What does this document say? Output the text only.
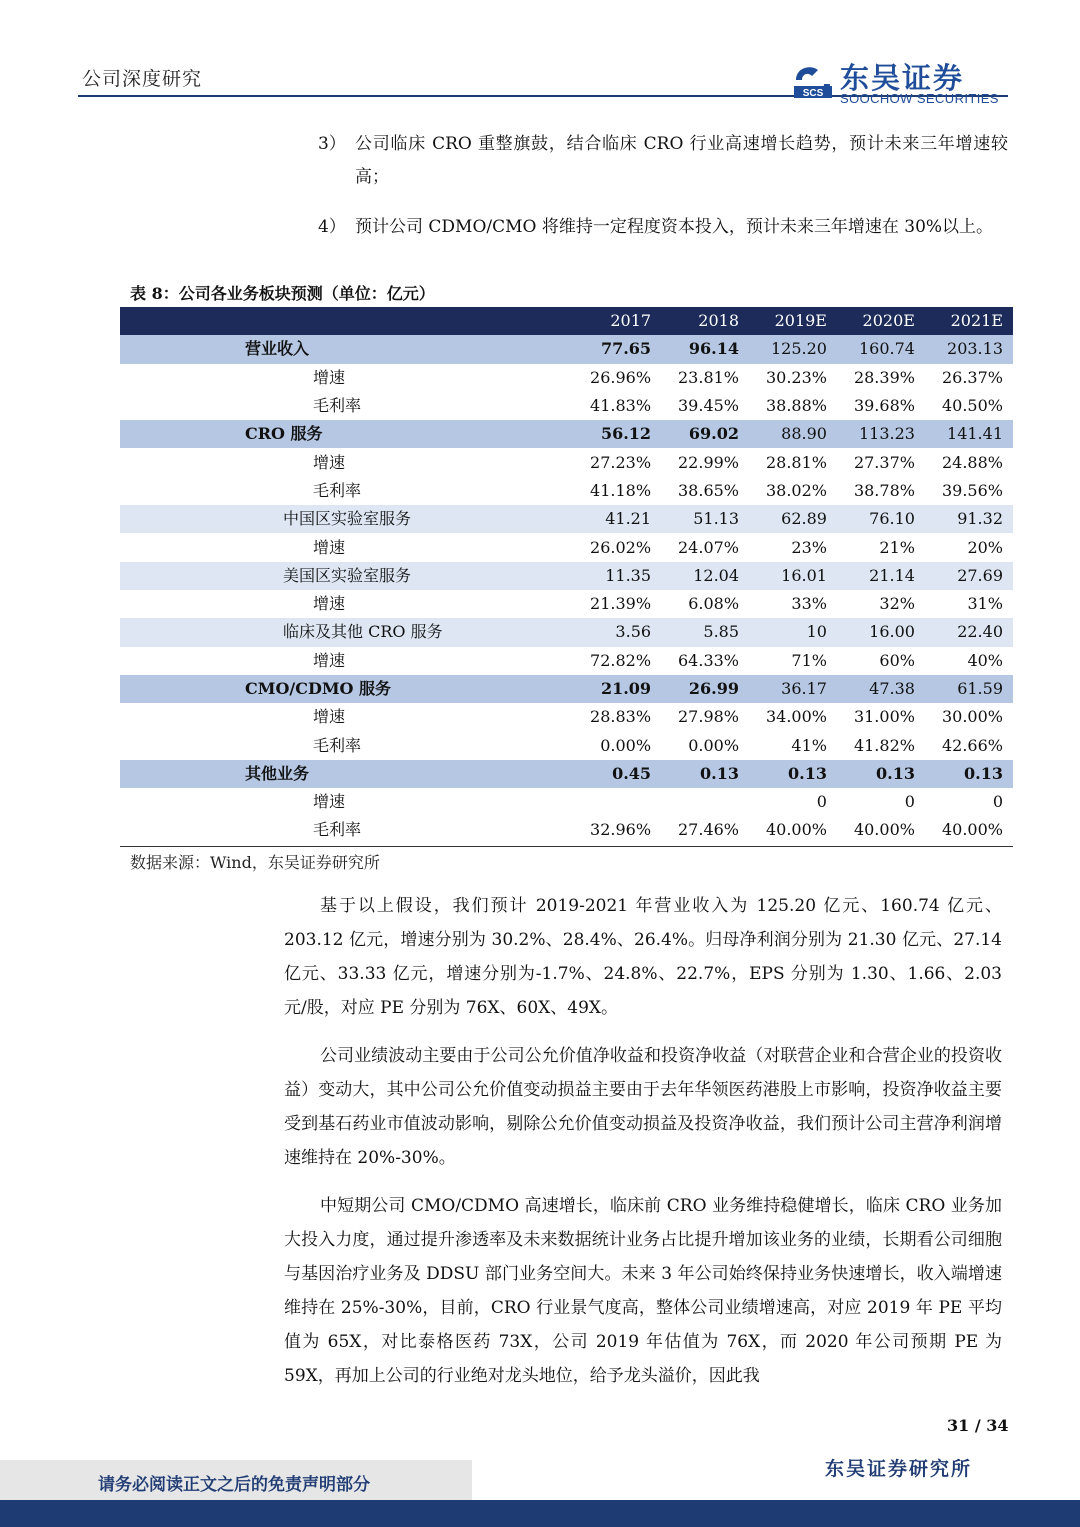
公司深度研究
SCS 东吴证券
SOOCHOW SECURITIES
3） 公司临床 CRO 重整旗鼓，结合临床 CRO 行业高速增长趋势，预计未来三年增速较高；
4） 预计公司 CDMO/CMO 将维持一定程度资本投入，预计未来三年增速在 30%以上。
表 8：公司各业务板块预测（单位：亿元）
	2017	2018	2019E	2020E	2021E
营业收入	77.65	96.14	125.20	160.74	203.13
增速	26.96%	23.81%	30.23%	28.39%	26.37%
毛利率	41.83%	39.45%	38.88%	39.68%	40.50%
CRO 服务	56.12	69.02	88.90	113.23	141.41
增速	27.23%	22.99%	28.81%	27.37%	24.88%
毛利率	41.18%	38.65%	38.02%	38.78%	39.56%
中国区实验室服务	41.21	51.13	62.89	76.10	91.32
增速	26.02%	24.07%	23%	21%	20%
美国区实验室服务	11.35	12.04	16.01	21.14	27.69
增速	21.39%	6.08%	33%	32%	31%
临床及其他 CRO 服务	3.56	5.85	10	16.00	22.40
增速	72.82%	64.33%	71%	60%	40%
CMO/CDMO 服务	21.09	26.99	36.17	47.38	61.59
增速	28.83%	27.98%	34.00%	31.00%	30.00%
毛利率	0.00%	0.00%	41%	41.82%	42.66%
其他业务	0.45	0.13	0.13	0.13	0.13
增速			0	0	0
毛利率	32.96%	27.46%	40.00%	40.00%	40.00%
数据来源：Wind，东吴证券研究所
基于以上假设，我们预计 2019-2021 年营业收入为 125.20 亿元、160.74 亿元、203.12 亿元，增速分别为 30.2%、28.4%、26.4%。归母净利润分别为 21.30 亿元、27.14 亿元、33.33 亿元，增速分别为-1.7%、24.8%、22.7%，EPS 分别为 1.30、1.66、2.03 元/股，对应 PE 分别为 76X、60X、49X。
公司业绩波动主要由于公司公允价值净收益和投资净收益（对联营企业和合营企业的投资收益）变动大，其中公司公允价值变动损益主要由于去年华领医药港股上市影响，投资净收益主要受到基石药业市值波动影响，剔除公允价值变动损益及投资净收益，我们预计公司主营净利润增速维持在 20%-30%。
中短期公司 CMO/CDMO 高速增长，临床前 CRO 业务维持稳健增长，临床 CRO 业务加大投入力度，通过提升渗透率及未来数据统计业务占比提升增加该业务的业绩，长期看公司细胞与基因治疗业务及 DDSU 部门业务空间大。未来 3 年公司始终保持业务快速增长，收入端增速维持在 25%-30%，目前，CRO 行业景气度高，整体公司业绩增速高，对应 2019 年 PE 平均值为 65X，对比泰格医药 73X，公司 2019 年估值为 76X，而 2020 年公司预期 PE 为 59X，再加上公司的行业绝对龙头地位，给予龙头溢价，因此我
31 / 34
请务必阅读正文之后的免责声明部分
东吴证券研究所
